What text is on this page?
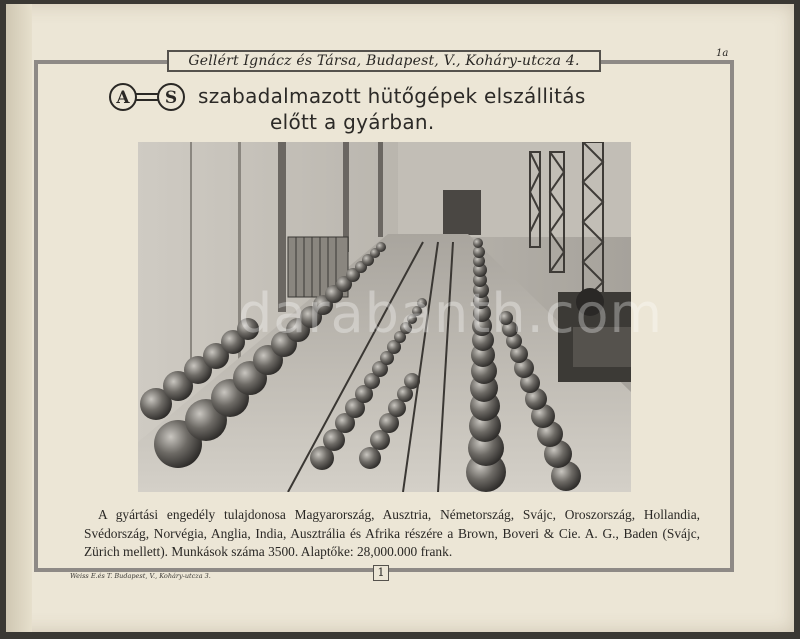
Gellért Ignácz és Társa, Budapest, V., Koháry-utcza 4.	1a
A S szabadalmazott hütőgépek elszállitás
előtt a gyárban.
darabanth.com

A gyártási engedély tulajdonosa Magyarország, Ausztria, Németország, Svájc, Oroszország, Hollandia, Svédország, Norvégia, Anglia, India, Ausztrália és Afrika részére a Brown, Boveri & Cie. A. G., Baden (Svájc, Zürich mellett). Munkások száma 3500. Alaptőke: 28,000.000 frank.

1
Weiss E.és T. Budapest, V., Koháry-utcza 3.
